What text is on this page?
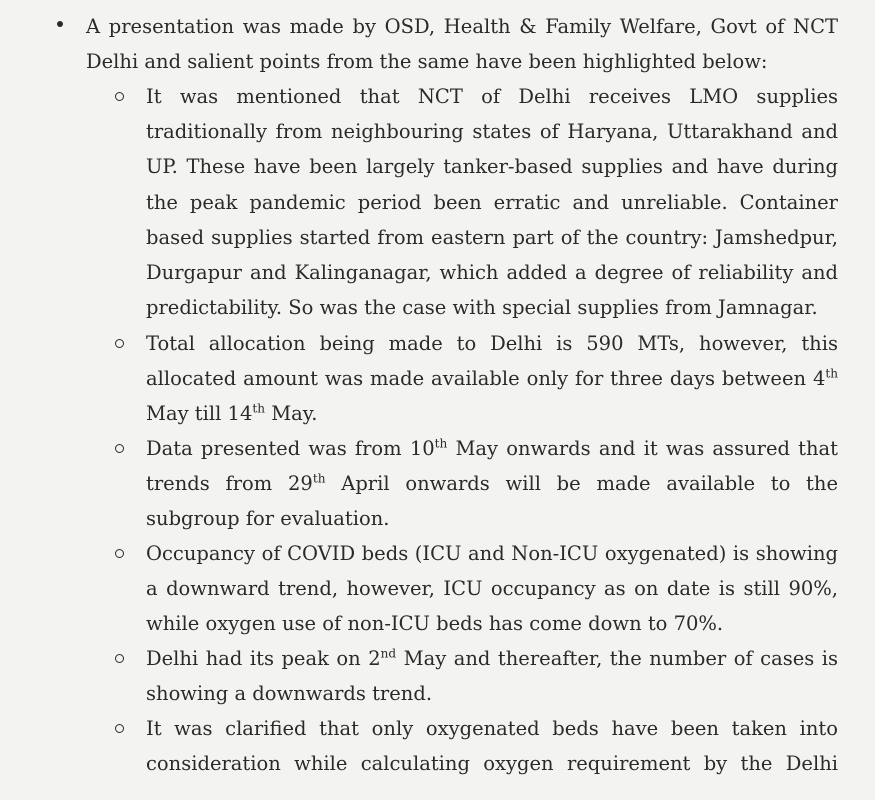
A presentation was made by OSD, Health & Family Welfare, Govt of NCT Delhi and salient points from the same have been highlighted below:
It was mentioned that NCT of Delhi receives LMO supplies traditionally from neighbouring states of Haryana, Uttarakhand and UP. These have been largely tanker-based supplies and have during the peak pandemic period been erratic and unreliable. Container based supplies started from eastern part of the country: Jamshedpur, Durgapur and Kalinganagar, which added a degree of reliability and predictability. So was the case with special supplies from Jamnagar.
Total allocation being made to Delhi is 590 MTs, however, this allocated amount was made available only for three days between 4th May till 14th May.
Data presented was from 10th May onwards and it was assured that trends from 29th April onwards will be made available to the subgroup for evaluation.
Occupancy of COVID beds (ICU and Non-ICU oxygenated) is showing a downward trend, however, ICU occupancy as on date is still 90%, while oxygen use of non-ICU beds has come down to 70%.
Delhi had its peak on 2nd May and thereafter, the number of cases is showing a downwards trend.
It was clarified that only oxygenated beds have been taken into consideration while calculating oxygen requirement by the Delhi
